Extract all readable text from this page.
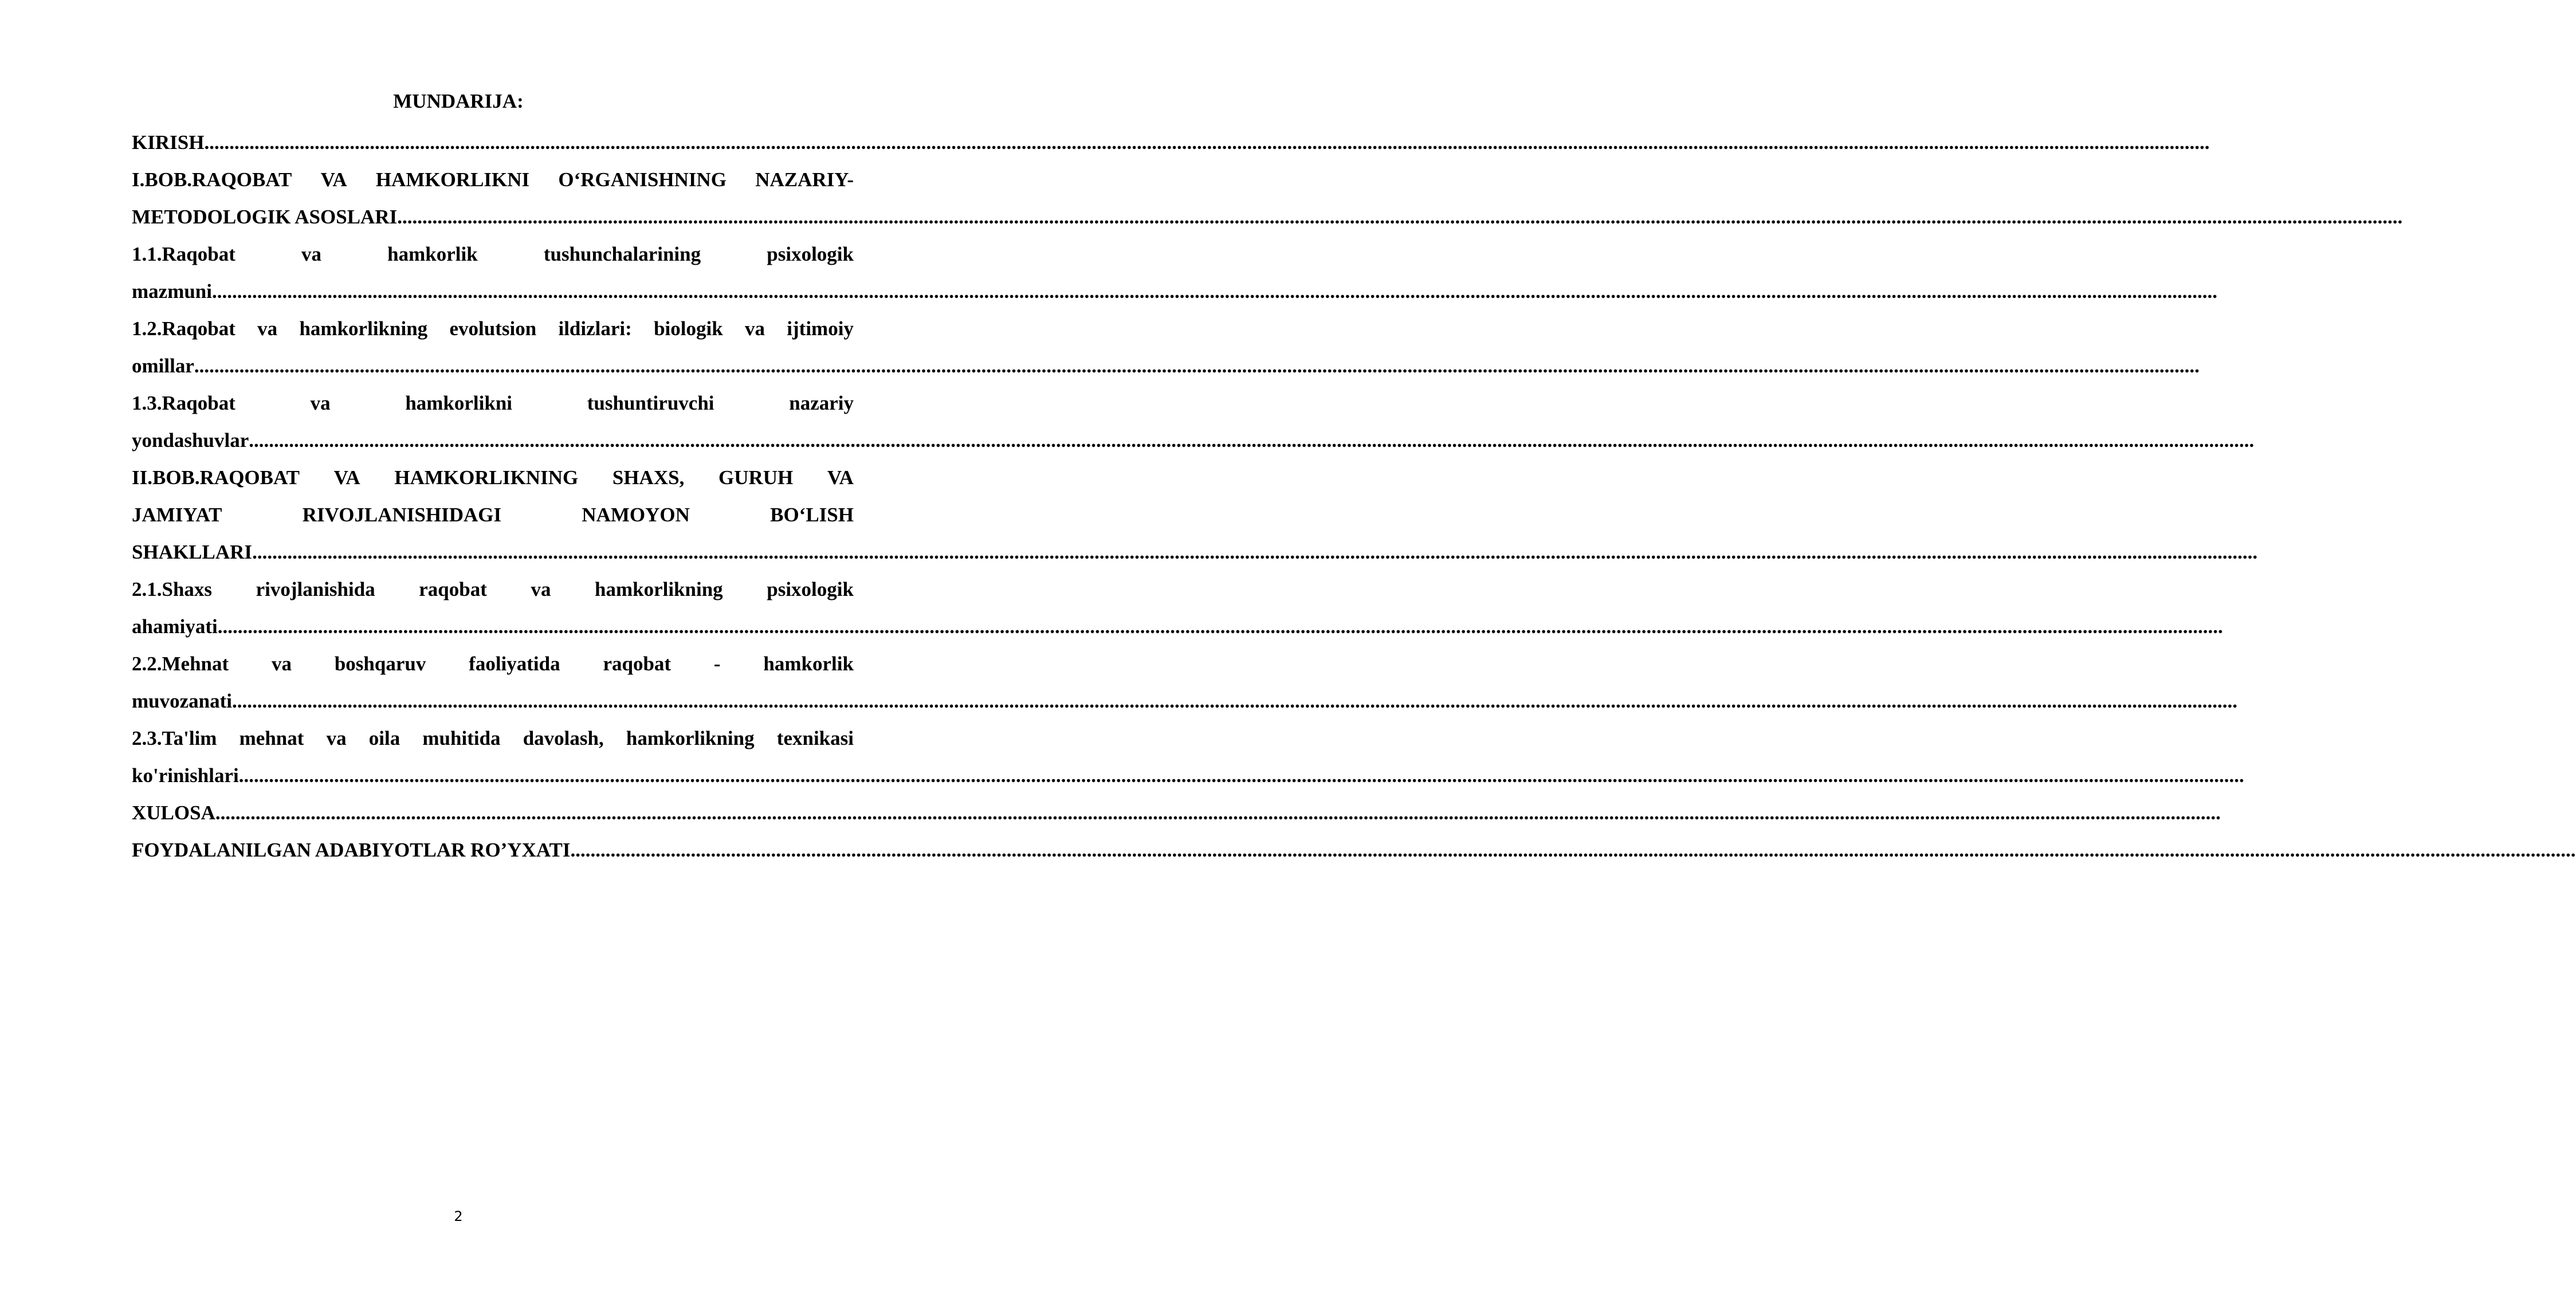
MUNDARIJA:
KIRISH ................................................................................................................................................................................................................................................................................................................................................................................................................
I.BOB.RAQOBAT VA HAMKORLIKNI O‘RGANISHNING NAZARIY-
METODOLOGIK ASOSLARI ................................................................................................................................................................................................................................................................................................................................................................................................................
1.1.Raqobat	va	hamkorlik	tushunchalarining	psixologik
mazmuni ................................................................................................................................................................................................................................................................................................................................................................................................................
1.2.Raqobat va hamkorlikning evolutsion ildizlari: biologik va ijtimoiy
omillar ................................................................................................................................................................................................................................................................................................................................................................................................................
1.3.Raqobat	va	hamkorlikni	tushuntiruvchi	nazariy
yondashuvlar ................................................................................................................................................................................................................................................................................................................................................................................................................
II.BOB.RAQOBAT VA HAMKORLIKNING SHAXS, GURUH VA
JAMIYAT	RIVOJLANISHIDAGI	NAMOYON	BO‘LISH
SHAKLLARI ................................................................................................................................................................................................................................................................................................................................................................................................................
2.1.Shaxs rivojlanishida raqobat va hamkorlikning psixologik
ahamiyati ................................................................................................................................................................................................................................................................................................................................................................................................................
2.2.Mehnat va boshqaruv faoliyatida raqobat - hamkorlik
muvozanati ................................................................................................................................................................................................................................................................................................................................................................................................................
2.3.Ta'lim mehnat va oila muhitida davolash, hamkorlikning texnikasi
ko'rinishlari ................................................................................................................................................................................................................................................................................................................................................................................................................
XULOSA ................................................................................................................................................................................................................................................................................................................................................................................................................
FOYDALANILGAN ADABIYOTLAR RO’YXATI ................................................................................................................................................................................................................................................................................................................................................................................................................
2
